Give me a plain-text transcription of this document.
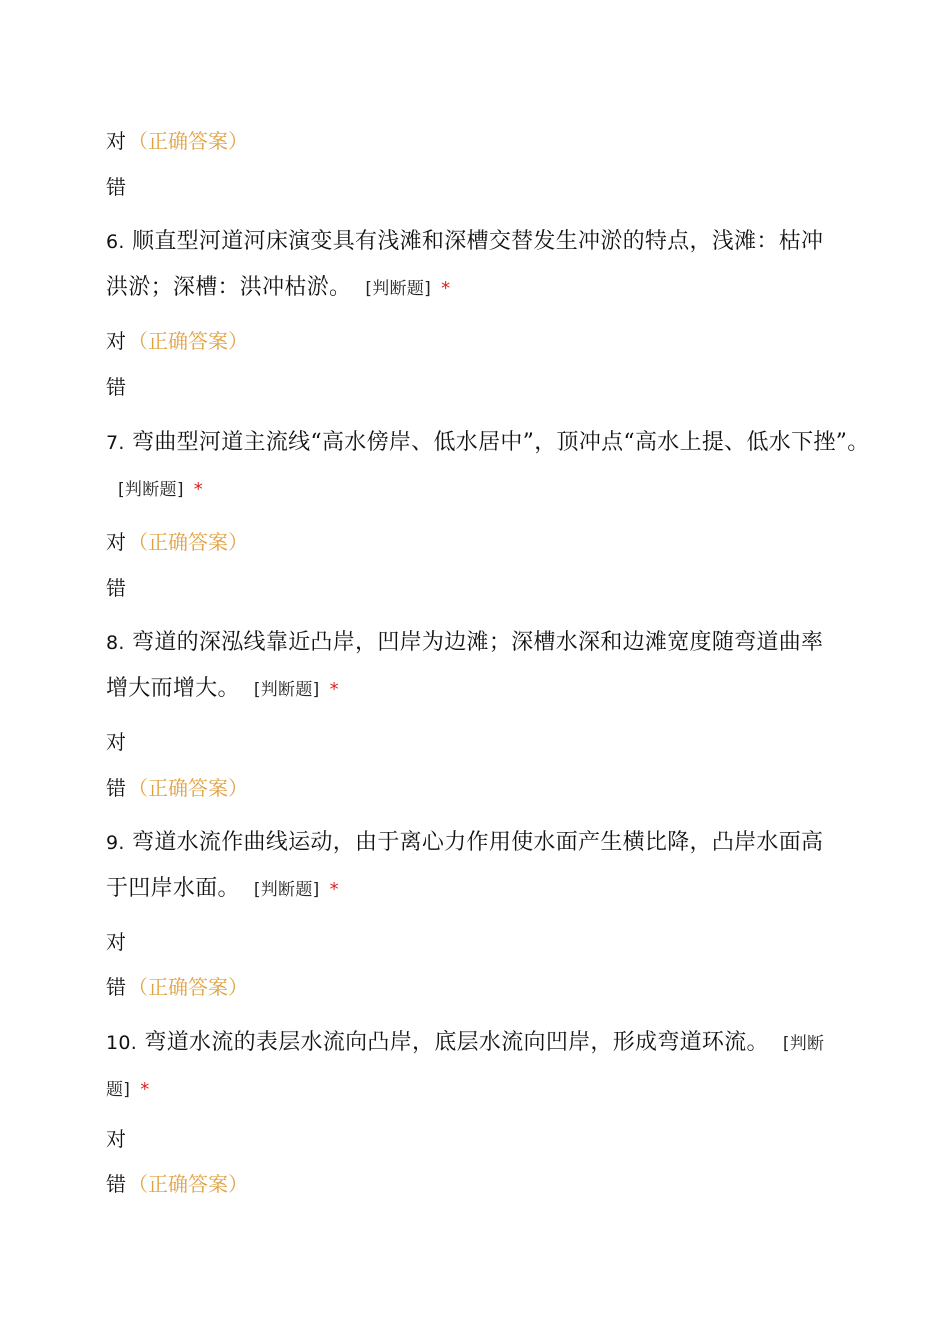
对 （正确答案）
错
6. 顺直型河道河床演变具有浅滩和深槽交替发生冲淤的特点，浅滩：枯冲
洪淤；深槽：洪冲枯淤。 [判断题] *
对 （正确答案）
错
7. 弯曲型河道主流线“高水傍岸、低水居中”，顶冲点“高水上提、低水下挫”。
[判断题] *
对 （正确答案）
错
8. 弯道的深泓线靠近凸岸，凹岸为边滩；深槽水深和边滩宽度随弯道曲率
增大而增大。 [判断题] *
对
错 （正确答案）
9. 弯道水流作曲线运动，由于离心力作用使水面产生横比降，凸岸水面高
于凹岸水面。 [判断题] *
对
错 （正确答案）
10. 弯道水流的表层水流向凸岸，底层水流向凹岸，形成弯道环流。 [判断
题] *
对
错 （正确答案）
